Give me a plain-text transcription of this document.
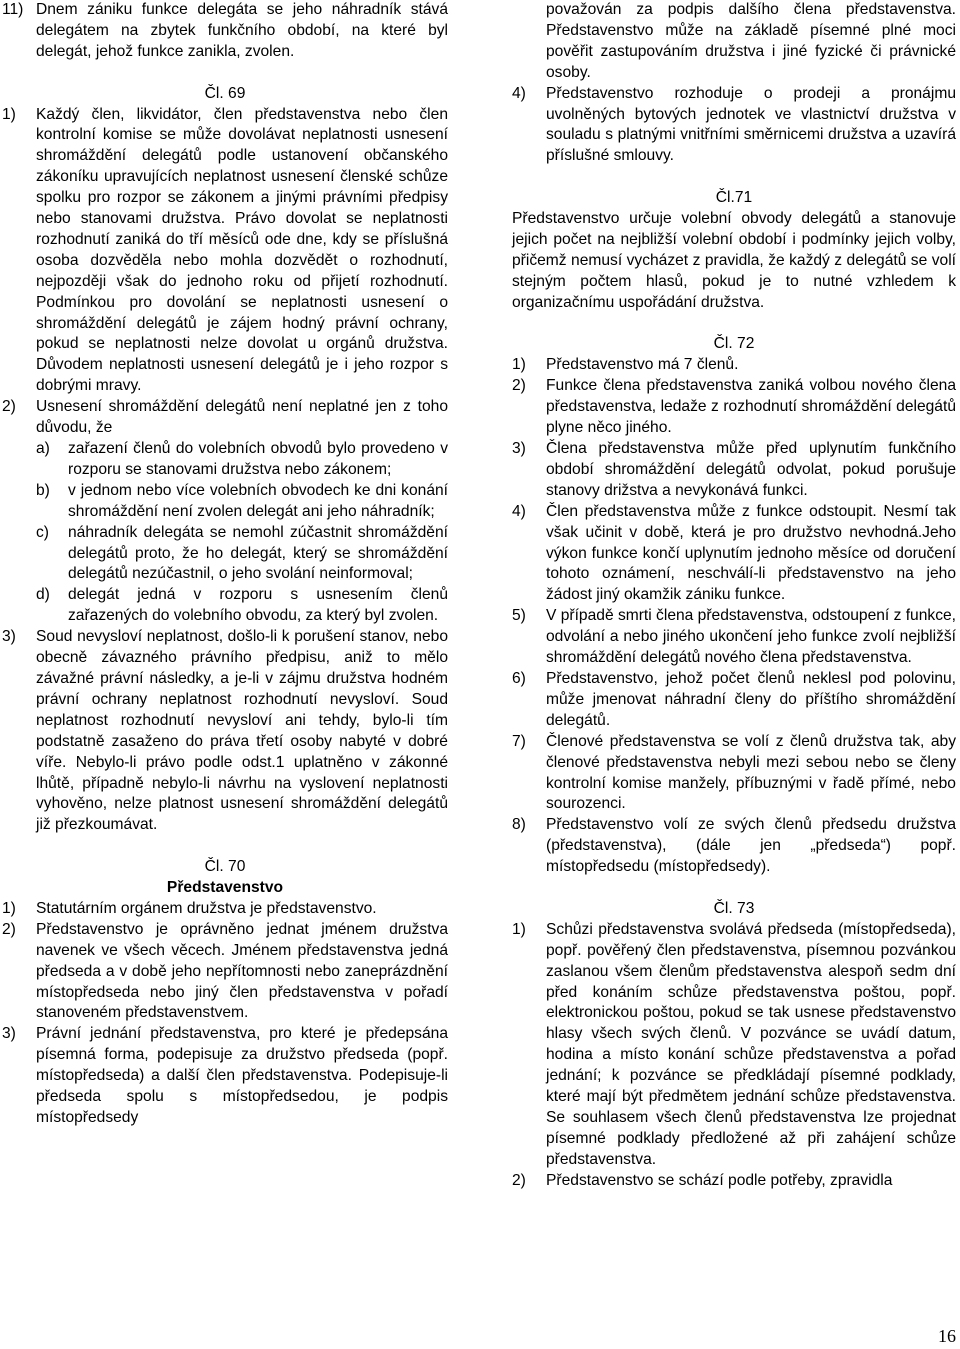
11) Dnem zániku funkce delegáta se jeho náhradník stává delegátem na zbytek funkčního období, na které byl delegát, jehož funkce zanikla, zvolen.

Čl. 69

1)	Každý člen, likvidátor, člen představenstva nebo člen kontrolní komise se může dovolávat neplatnosti usnesení shromáždění delegátů podle ustanovení občanského zákoníku upravujících neplatnost usnesení členské schůze spolku pro rozpor se zákonem a jinými právními předpisy nebo stanovami družstva. Právo dovolat se neplatnosti rozhodnutí zaniká do tří měsíců ode dne, kdy se příslušná osoba dozvěděla nebo mohla dozvědět o rozhodnutí, nejpozději však do jednoho roku od přijetí rozhodnutí. Podmínkou pro dovolání se neplatnosti usnesení o shromáždění delegátů je zájem hodný právní ochrany, pokud se neplatnosti nelze dovolat u orgánů družstva. Důvodem neplatnosti usnesení delegátů je i jeho rozpor s dobrými mravy.
2)	Usnesení shromáždění delegátů není neplatné jen z toho důvodu, že
a)	zařazení členů do volebních obvodů bylo provedeno v rozporu se stanovami družstva nebo zákonem;
b)	v jednom nebo více volebních obvodech ke dni konání shromáždění není zvolen delegát ani jeho náhradník;
c)	náhradník delegáta se nemohl zúčastnit shromáždění delegátů proto, že ho delegát, který se shromáždění delegátů nezúčastnil, o jeho svolání neinformoval;
d)	delegát jedná v rozporu s usnesením členů zařazených do volebního obvodu, za který byl zvolen.
3)	Soud nevysloví neplatnost, došlo-li k porušení stanov, nebo obecně závazného právního předpisu, aniž to mělo závažné právní následky, a je-li v zájmu družstva hodném právní ochrany neplatnost rozhodnutí nevysloví. Soud neplatnost rozhodnutí nevysloví ani tehdy, bylo-li tím podstatně zasaženo do práva třetí osoby nabyté v dobré víře. Nebylo-li právo podle odst.1 uplatněno v zákonné lhůtě, případně nebylo-li návrhu na vyslovení neplatnosti vyhověno, nelze platnost usnesení shromáždění delegátů již přezkoumávat.

Čl. 70

Představenstvo

1)	Statutárním orgánem družstva je představenstvo.
2)	Představenstvo je oprávněno jednat jménem družstva navenek ve všech věcech. Jménem představenstva jedná předseda a v době jeho nepřítomnosti nebo zaneprázdnění místopředseda nebo jiný člen představenstva v pořadí stanoveném představenstvem.
3)	Právní jednání představenstva, pro které je předepsána písemná forma, podepisuje za družstvo předseda (popř. místopředseda) a další člen představenstva. Podepisuje-li předseda spolu s místopředsedou, je podpis místopředsedy
považován za podpis dalšího člena představenstva. Představenstvo může na základě písemné plné moci pověřit zastupováním družstva i jiné fyzické či právnické osoby.
4)	Představenstvo rozhoduje o prodeji a pronájmu uvolněných bytových jednotek ve vlastnictví družstva v souladu s platnými vnitřními směrnicemi družstva a uzavírá příslušné smlouvy.

Čl.71

Představenstvo určuje volební obvody delegátů a stanovuje jejich počet na nejbližší volební období i podmínky jejich volby, přičemž nemusí vycházet z pravidla, že každý z delegátů se volí stejným počtem hlasů, pokud je to nutné vzhledem k organizačnímu uspořádání družstva.

Čl. 72

1)	Představenstvo má 7 členů.
2)	Funkce člena představenstva zaniká volbou nového člena představenstva, ledaže z rozhodnutí shromáždění delegátů plyne něco jiného.
3)	Člena představenstva může před uplynutím funkčního období shromáždění delegátů odvolat, pokud porušuje stanovy drižstva a nevykonává funkci.
4)	Člen představenstva může z funkce odstoupit. Nesmí tak však učinit v době, která je pro družstvo nevhodná.Jeho výkon funkce končí uplynutím jednoho měsíce od doručení tohoto oznámení, neschválí-li představenstvo na jeho žádost jiný okamžik zániku funkce.
5)	V případě smrti člena představenstva, odstoupení z funkce, odvolání a nebo jiného ukončení jeho funkce zvolí nejbližší shromáždění delegátů nového člena představenstva.
6)	Představenstvo, jehož počet členů neklesl pod polovinu, může jmenovat náhradní členy do příštího shromáždění delegátů.
7)	Členové představenstva se volí z členů družstva tak, aby členové představenstva nebyli mezi sebou nebo se členy kontrolní komise manžely, příbuznými v řadě přímé, nebo sourozenci.
8)	Představenstvo volí ze svých členů předsedu družstva (představenstva), (dále jen „předseda“) popř. místopředsedu (místopředsedy).

Čl. 73

1)	Schůzi představenstva svolává předseda (místopředseda), popř. pověřený člen představenstva, písemnou pozvánkou zaslanou všem členům představenstva alespoň sedm dní před konáním schůze představenstva poštou, popř. elektronickou poštou, pokud se tak usnese představenstvo hlasy všech svých členů. V pozvánce se uvádí datum, hodina a místo konání schůze představenstva a pořad jednání; k pozvánce se předkládají písemné podklady, které mají být předmětem jednání schůze představenstva. Se souhlasem všech členů představenstva lze projednat písemné podklady předložené až při zahájení schůze představenstva.
2)	Představenstvo se schází podle potřeby, zpravidla
16
